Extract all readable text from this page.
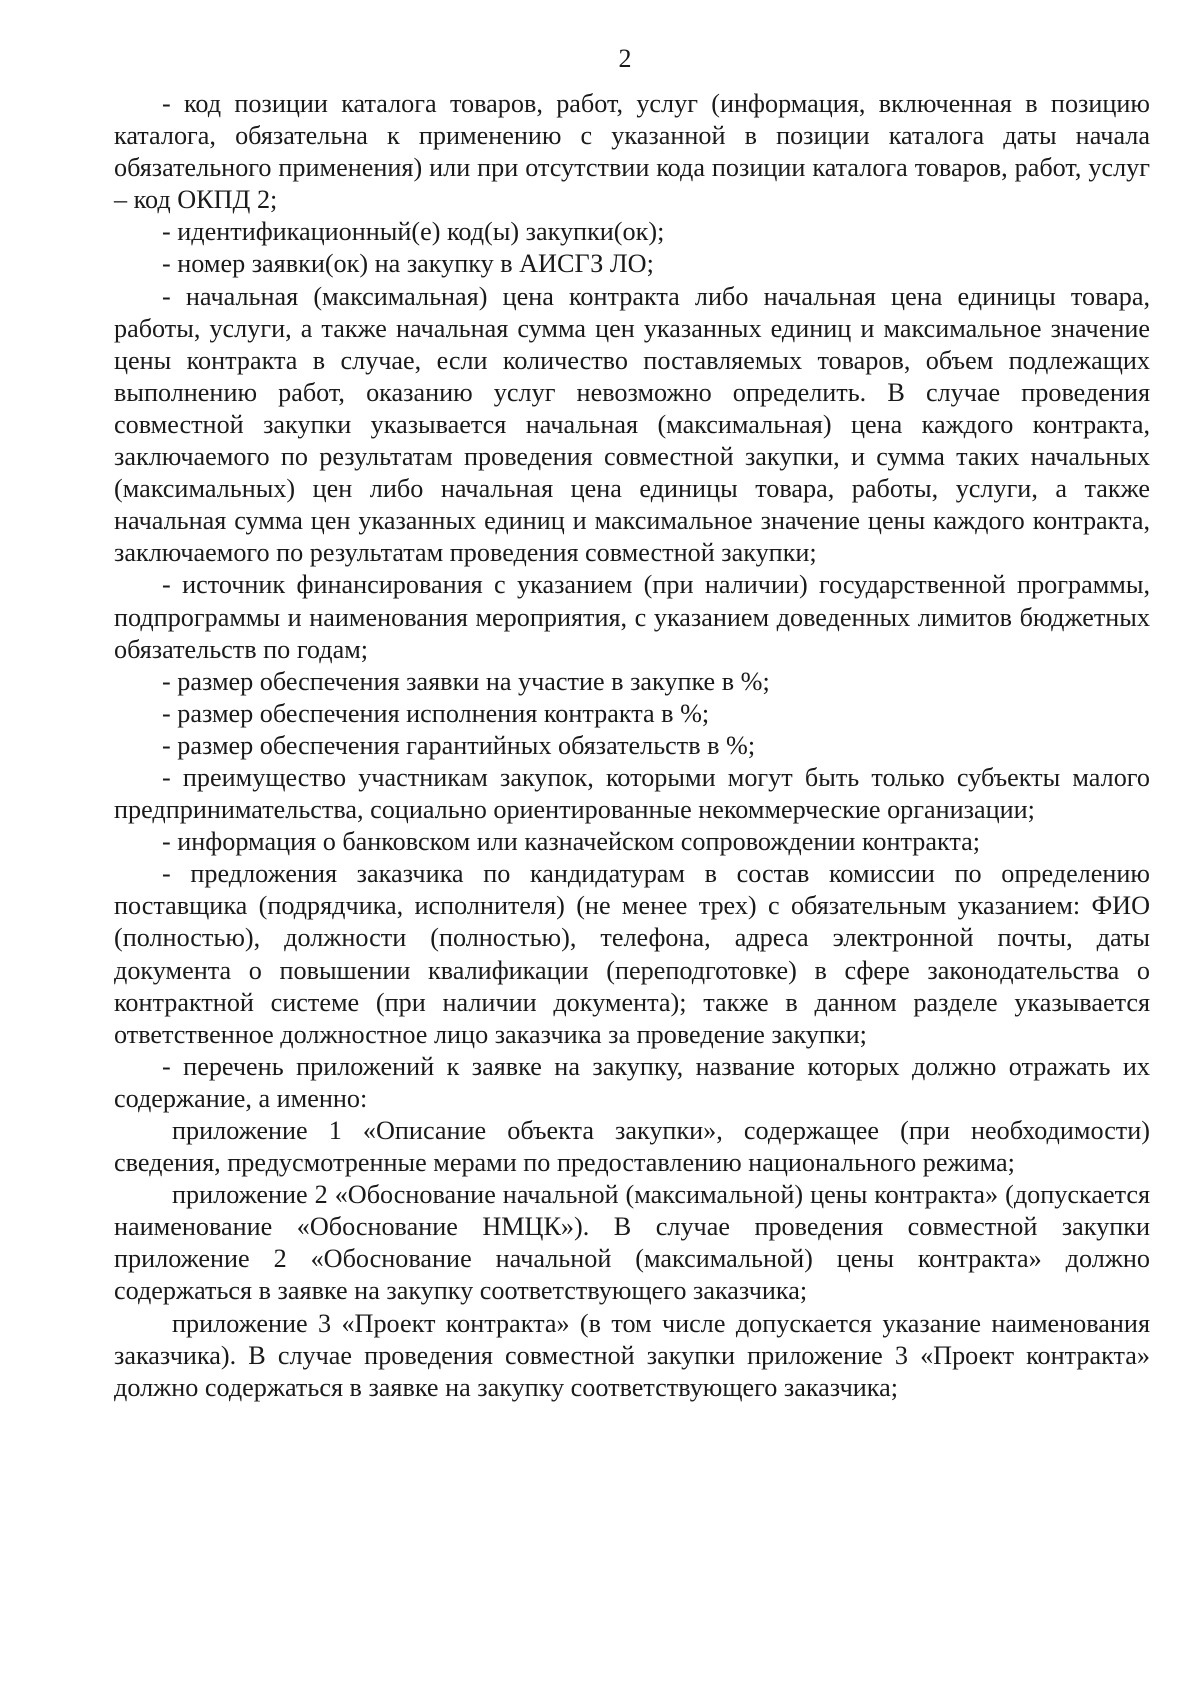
2

- код позиции каталога товаров, работ, услуг (информация, включенная в позицию каталога, обязательна к применению с указанной в позиции каталога даты начала обязательного применения) или при отсутствии кода позиции каталога товаров, работ, услуг – код ОКПД 2;

- идентификационный(е) код(ы) закупки(ок);

- номер заявки(ок) на закупку в АИСГЗ ЛО;

- начальная (максимальная) цена контракта либо начальная цена единицы товара, работы, услуги, а также начальная сумма цен указанных единиц и максимальное значение цены контракта в случае, если количество поставляемых товаров, объем подлежащих выполнению работ, оказанию услуг невозможно определить. В случае проведения совместной закупки указывается начальная (максимальная) цена каждого контракта, заключаемого по результатам проведения совместной закупки, и сумма таких начальных (максимальных) цен либо начальная цена единицы товара, работы, услуги, а также начальная сумма цен указанных единиц и максимальное значение цены каждого контракта, заключаемого по результатам проведения совместной закупки;

- источник финансирования с указанием (при наличии) государственной программы, подпрограммы и наименования мероприятия, с указанием доведенных лимитов бюджетных обязательств по годам;

- размер обеспечения заявки на участие в закупке в %;

- размер обеспечения исполнения контракта в %;

- размер обеспечения гарантийных обязательств в %;

- преимущество участникам закупок, которыми могут быть только субъекты малого предпринимательства, социально ориентированные некоммерческие организации;

- информация о банковском или казначейском сопровождении контракта;

- предложения заказчика по кандидатурам в состав комиссии по определению поставщика (подрядчика, исполнителя) (не менее трех) с обязательным указанием: ФИО (полностью), должности (полностью), телефона, адреса электронной почты, даты документа о повышении квалификации (переподготовке) в сфере законодательства о контрактной системе (при наличии документа); также в данном разделе указывается ответственное должностное лицо заказчика за проведение закупки;

- перечень приложений к заявке на закупку, название которых должно отражать их содержание, а именно:

приложение 1 «Описание объекта закупки», содержащее (при необходимости) сведения, предусмотренные мерами по предоставлению национального режима;

приложение 2 «Обоснование начальной (максимальной) цены контракта» (допускается наименование «Обоснование НМЦК»). В случае проведения совместной закупки приложение 2 «Обоснование начальной (максимальной) цены контракта» должно содержаться в заявке на закупку соответствующего заказчика;

приложение 3 «Проект контракта» (в том числе допускается указание наименования заказчика). В случае проведения совместной закупки приложение 3 «Проект контракта» должно содержаться в заявке на закупку соответствующего заказчика;
